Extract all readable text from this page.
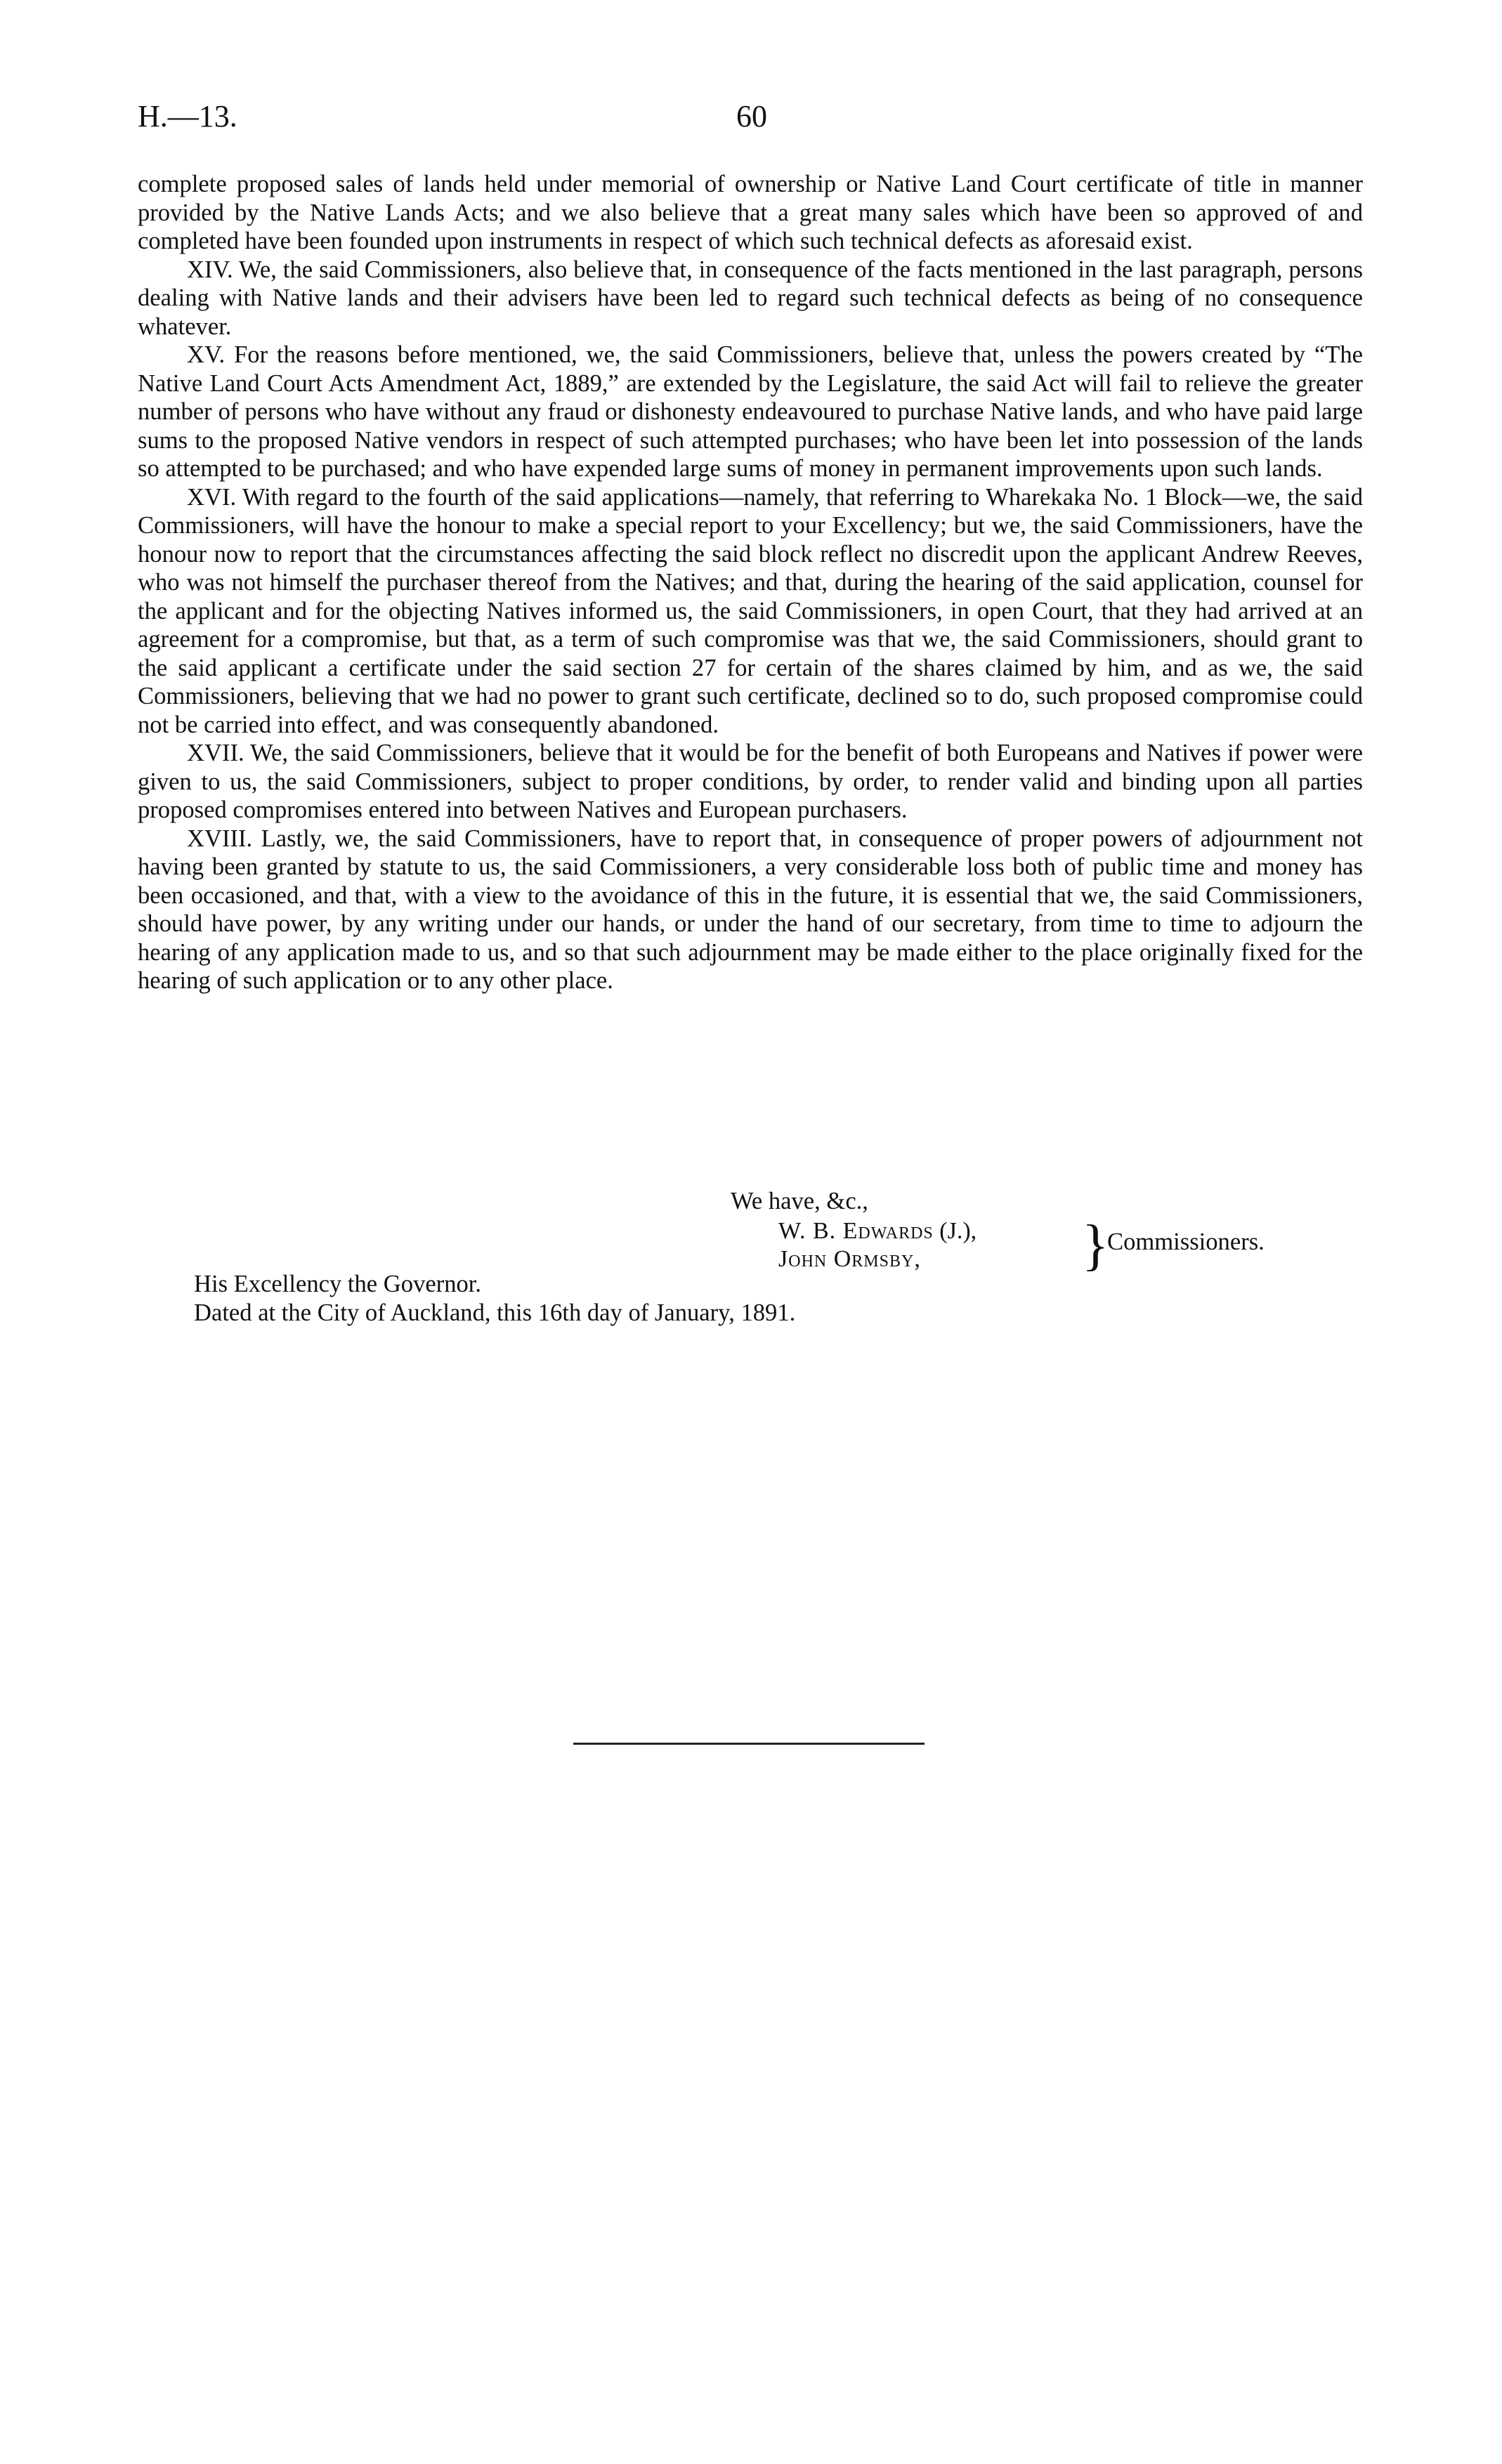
H.—13.	60

complete proposed sales of lands held under memorial of ownership or Native Land Court certificate of title in manner provided by the Native Lands Acts; and we also believe that a great many sales which have been so approved of and completed have been founded upon instruments in respect of which such technical defects as aforesaid exist.

XIV. We, the said Commissioners, also believe that, in consequence of the facts mentioned in the last paragraph, persons dealing with Native lands and their advisers have been led to regard such technical defects as being of no consequence whatever.

XV. For the reasons before mentioned, we, the said Commissioners, believe that, unless the powers created by “The Native Land Court Acts Amendment Act, 1889,” are extended by the Legislature, the said Act will fail to relieve the greater number of persons who have without any fraud or dishonesty endeavoured to purchase Native lands, and who have paid large sums to the proposed Native vendors in respect of such attempted purchases; who have been let into possession of the lands so attempted to be purchased; and who have expended large sums of money in permanent improvements upon such lands.

XVI. With regard to the fourth of the said applications—namely, that referring to Wharekaka No. 1 Block—we, the said Commissioners, will have the honour to make a special report to your Excellency; but we, the said Commissioners, have the honour now to report that the circumstances affecting the said block reflect no discredit upon the applicant Andrew Reeves, who was not himself the purchaser thereof from the Natives; and that, during the hearing of the said application, counsel for the applicant and for the objecting Natives informed us, the said Commissioners, in open Court, that they had arrived at an agreement for a compromise, but that, as a term of such compromise was that we, the said Commissioners, should grant to the said applicant a certificate under the said section 27 for certain of the shares claimed by him, and as we, the said Commissioners, believing that we had no power to grant such certificate, declined so to do, such proposed compromise could not be carried into effect, and was consequently abandoned.

XVII. We, the said Commissioners, believe that it would be for the benefit of both Europeans and Natives if power were given to us, the said Commissioners, subject to proper conditions, by order, to render valid and binding upon all parties proposed compromises entered into between Natives and European purchasers.

XVIII. Lastly, we, the said Commissioners, have to report that, in consequence of proper powers of adjournment not having been granted by statute to us, the said Commissioners, a very considerable loss both of public time and money has been occasioned, and that, with a view to the avoidance of this in the future, it is essential that we, the said Commissioners, should have power, by any writing under our hands, or under the hand of our secretary, from time to time to adjourn the hearing of any application made to us, and so that such adjournment may be made either to the place originally fixed for the hearing of such application or to any other place.

We have, &c.,
W. B. Edwards (J.),
John Ormsby,	}
Commissioners.
His Excellency the Governor.
Dated at the City of Auckland, this 16th day of January, 1891.
